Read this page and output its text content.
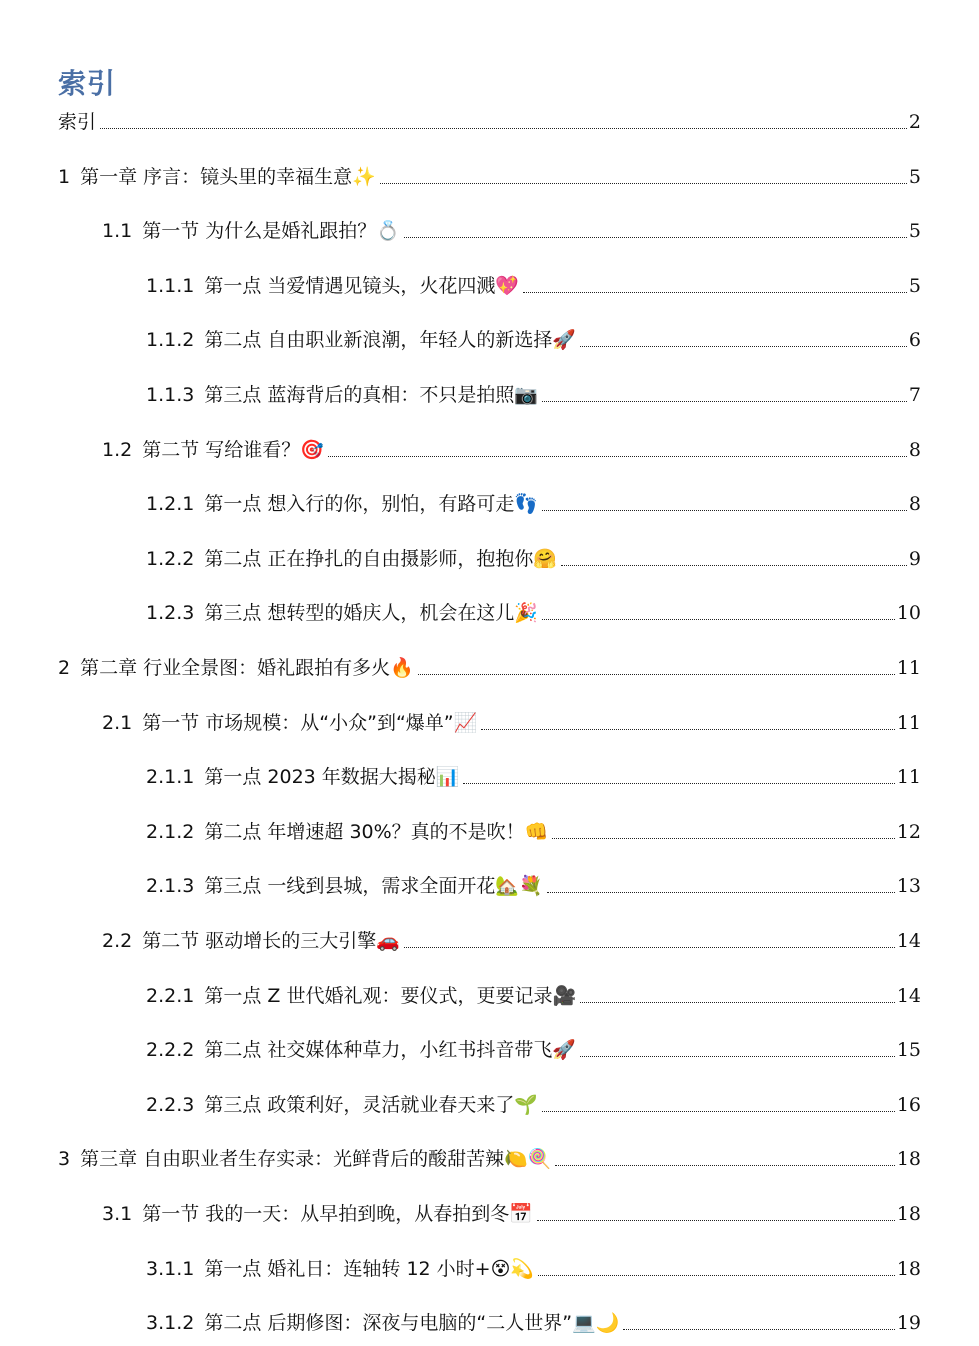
索引
索引	2
1 第一章 序言：镜头里的幸福生意✨	5
1.1 第一节 为什么是婚礼跟拍？💍	5
1.1.1 第一点 当爱情遇见镜头，火花四溅💖	5
1.1.2 第二点 自由职业新浪潮，年轻人的新选择🚀	6
1.1.3 第三点 蓝海背后的真相：不只是拍照📷	7
1.2 第二节 写给谁看？🎯	8
1.2.1 第一点 想入行的你，别怕，有路可走👣	8
1.2.2 第二点 正在挣扎的自由摄影师，抱抱你🤗	9
1.2.3 第三点 想转型的婚庆人，机会在这儿🎉	10
2 第二章 行业全景图：婚礼跟拍有多火🔥	11
2.1 第一节 市场规模：从“小众”到“爆单”📈	11
2.1.1 第一点 2023 年数据大揭秘📊	11
2.1.2 第二点 年增速超 30%？真的不是吹！👊	12
2.1.3 第三点 一线到县城，需求全面开花🏡💐	13
2.2 第二节 驱动增长的三大引擎🚗	14
2.2.1 第一点 Z 世代婚礼观：要仪式，更要记录🎥	14
2.2.2 第二点 社交媒体种草力，小红书抖音带飞🚀	15
2.2.3 第三点 政策利好，灵活就业春天来了🌱	16
3 第三章 自由职业者生存实录：光鲜背后的酸甜苦辣🍋🍭	18
3.1 第一节 我的一天：从早拍到晚，从春拍到冬📅	18
3.1.1 第一点 婚礼日：连轴转 12 小时+😵💫	18
3.1.2 第二点 后期修图：深夜与电脑的“二人世界”💻🌙	19
